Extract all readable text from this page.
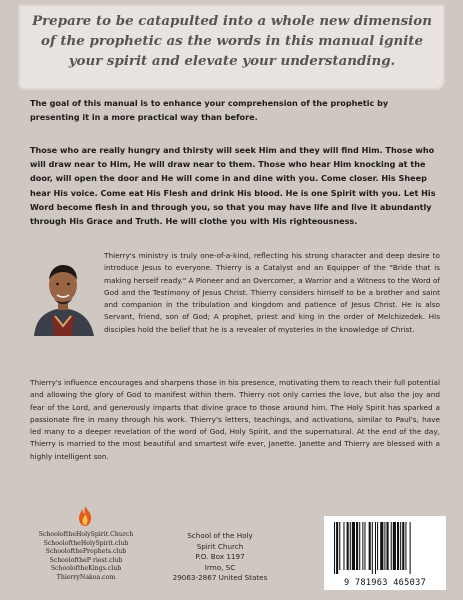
Prepare to be catapulted into a whole new dimension of the prophetic as the words in this manual ignite your spirit and elevate your understanding.
The goal of this manual is to enhance your comprehension of the prophetic by presenting it in a more practical way than before.
Those who are really hungry and thirsty will seek Him and they will find Him. Those who will draw near to Him, He will draw near to them. Those who hear Him knocking at the door, will open the door and He will come in and dine with you. Come closer. His Sheep hear His voice. Come eat His Flesh and drink His blood. He is one Spirit with you. Let His Word become flesh in and through you, so that you may have life and live it abundantly through His Grace and Truth. He will clothe you with His righteousness.
Thierry's ministry is truly one-of-a-kind, reflecting his strong character and deep desire to introduce Jesus to everyone. Thierry is a Catalyst and an Equipper of the "Bride that is making herself ready." A Pioneer and an Overcomer, a Warrior and a Witness to the Word of God and the Testimony of Jesus Christ. Thierry considers himself to be a brother and saint and companion in the tribulation and kingdom and patience of Jesus Christ. He is also Servant, friend, son of God; A prophet, priest and king in the order of Melchizedek. His disciples hold the belief that he is a revealer of mysteries in the knowledge of Christ.
Thierry's influence encourages and sharpens those in his presence, motivating them to reach their full potential and allowing the glory of God to manifest within them. Thierry not only carries the love, but also the joy and fear of the Lord, and generously imparts that divine grace to those around him. The Holy Spirit has sparked a passionate fire in many through his work. Thierry's letters, teachings, and activations, similar to Paul's, have led many to a deeper revelation of the word of God, Holy Spirit, and the supernatural. At the end of the day, Thierry is married to the most beautiful and smartest wife ever, Janette. Janette and Thierry are blessed with a highly intelligent son.
SchooloftheHolySpirit.Church
SchooloftheHolySpirit.club
SchooloftheProphets.club
SchooloftheP riest.club
SchooloftheKings.club
ThierryNakoa.com
School of the Holy
Spirit Church
P.O. Box 1197
Irmo, SC
29063-2867 United States
9 781963 465037
